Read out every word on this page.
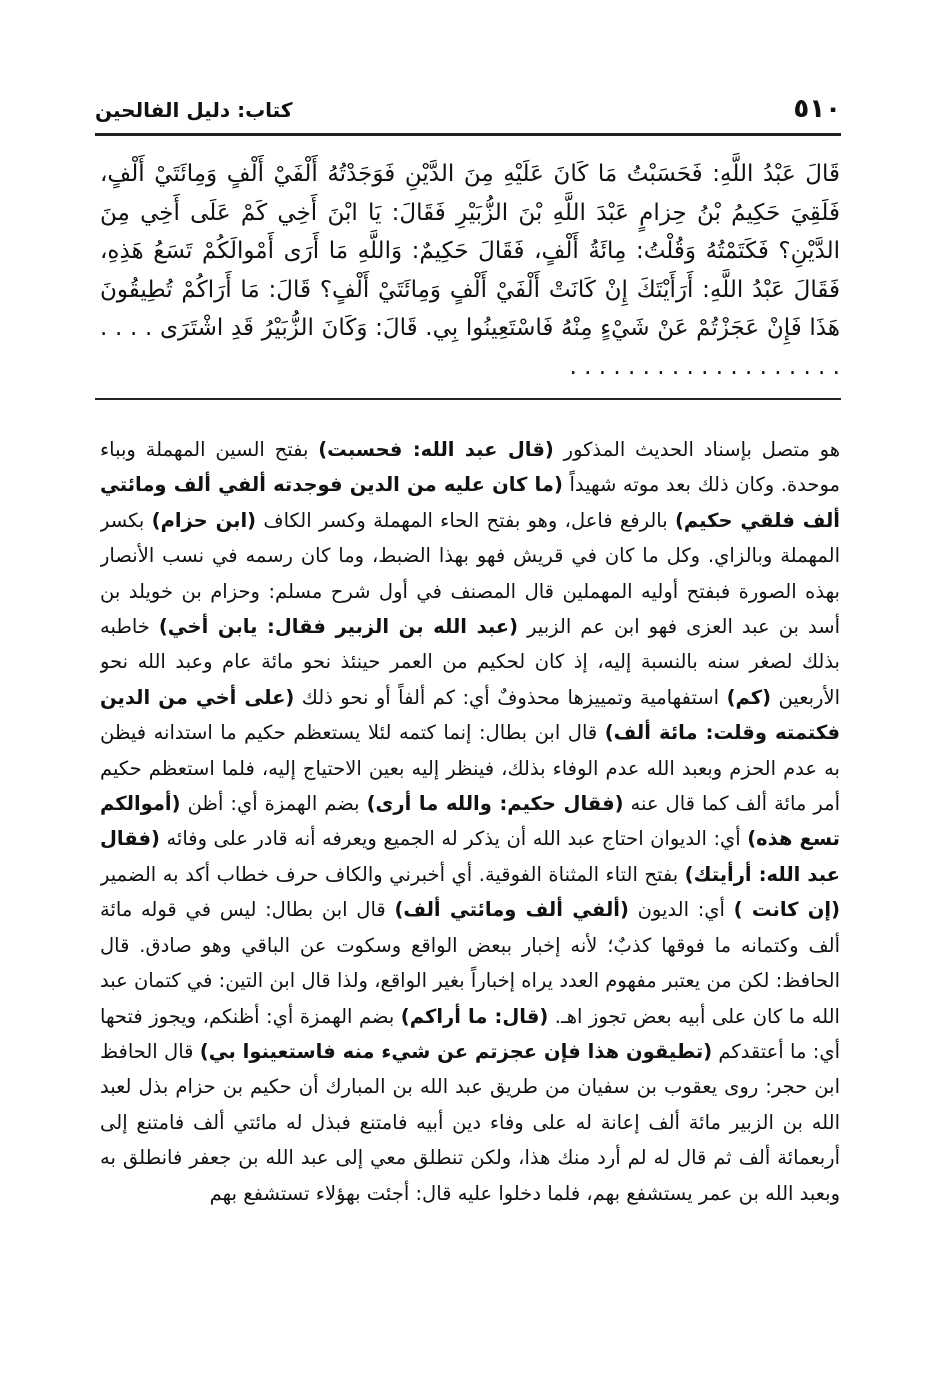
٥١٠
كتاب: دليل الفالحين

قَالَ عَبْدُ اللَّهِ: فَحَسَبْتُ مَا كَانَ عَلَيْهِ مِنَ الدَّيْنِ فَوَجَدْتُهُ أَلْفَيْ أَلْفٍ وَمِائَتَيْ أَلْفٍ، فَلَقِيَ حَكِيمُ بْنُ حِزامٍ عَبْدَ اللَّهِ بْنَ الزُّبَيْرِ فَقَالَ: يَا ابْنَ أَخِي كَمْ عَلَى أَخِي مِنَ الدَّيْنِ؟ فَكَتَمْتُهُ وَقُلْتُ: مِائَةُ أَلْفٍ، فَقَالَ حَكِيمٌ: وَاللَّهِ مَا أَرَى أَمْوالَكُمْ تَسَعُ هَذِهِ، فَقَالَ عَبْدُ اللَّهِ: أَرَأَيْتَكَ إِنْ كَانَتْ أَلْفَيْ أَلْفٍ وَمِائَتَيْ أَلْفٍ؟ قَالَ: مَا أَرَاكُمْ تُطِيقُونَ هَذَا فَإِنْ عَجَزْتُمْ عَنْ شَيْءٍ مِنْهُ فَاسْتَعِينُوا بِي. قَالَ: وَكَانَ الزُّبَيْرُ قَدِ اشْتَرَى . . . . . . . . . . . . . . . . . . . . . . .

هو متصل بإسناد الحديث المذكور (قال عبد الله: فحسبت) بفتح السين المهملة وبباء موحدة. وكان ذلك بعد موته شهيداً (ما كان عليه من الدين فوجدته ألفي ألف ومائتي ألف فلقي حكيم) بالرفع فاعل، وهو بفتح الحاء المهملة وكسر الكاف (ابن حزام) بكسر المهملة وبالزاي. وكل ما كان في قريش فهو بهذا الضبط، وما كان رسمه في نسب الأنصار بهذه الصورة فبفتح أوليه المهملين قال المصنف في أول شرح مسلم: وحزام بن خويلد بن أسد بن عبد العزى فهو ابن عم الزبير (عبد الله بن الزبير فقال: يابن أخي) خاطبه بذلك لصغر سنه بالنسبة إليه، إذ كان لحكيم من العمر حينئذ نحو مائة عام وعبد الله نحو الأربعين (كم) استفهامية وتمييزها محذوفٌ أي: كم ألفاً أو نحو ذلك (على أخي من الدين فكتمته وقلت: مائة ألف) قال ابن بطال: إنما كتمه لئلا يستعظم حكيم ما استدانه فيظن به عدم الحزم وبعبد الله عدم الوفاء بذلك، فينظر إليه بعين الاحتياج إليه، فلما استعظم حكيم أمر مائة ألف كما قال عنه (فقال حكيم: والله ما أرى) بضم الهمزة أي: أظن (أموالكم تسع هذه) أي: الديوان احتاج عبد الله أن يذكر له الجميع ويعرفه أنه قادر على وفائه (فقال عبد الله: أرأيتك) بفتح التاء المثناة الفوقية. أي أخبرني والكاف حرف خطاب أكد به الضمير (إن كانت ) أي: الديون (ألفي ألف ومائتي ألف) قال ابن بطال: ليس في قوله مائة ألف وكتمانه ما فوقها كذبٌ؛ لأنه إخبار ببعض الواقع وسكوت عن الباقي وهو صادق. قال الحافظ: لكن من يعتبر مفهوم العدد يراه إخباراً بغير الواقع، ولذا قال ابن التين: في كتمان عبد الله ما كان على أبيه بعض تجوز اهـ. (قال: ما أراكم) بضم الهمزة أي: أظنكم، ويجوز فتحها أي: ما أعتقدكم (تطيقون هذا فإن عجزتم عن شيء منه فاستعينوا بي) قال الحافظ ابن حجر: روى يعقوب بن سفيان من طريق عبد الله بن المبارك أن حكيم بن حزام بذل لعبد الله بن الزبير مائة ألف إعانة له على وفاء دين أبيه فامتنع فبذل له مائتي ألف فامتنع إلى أربعمائة ألف ثم قال له لم أرد منك هذا، ولكن تنطلق معي إلى عبد الله بن جعفر فانطلق به وبعبد الله بن عمر يستشفع بهم، فلما دخلوا عليه قال: أجئت بهؤلاء تستشفع بهم
